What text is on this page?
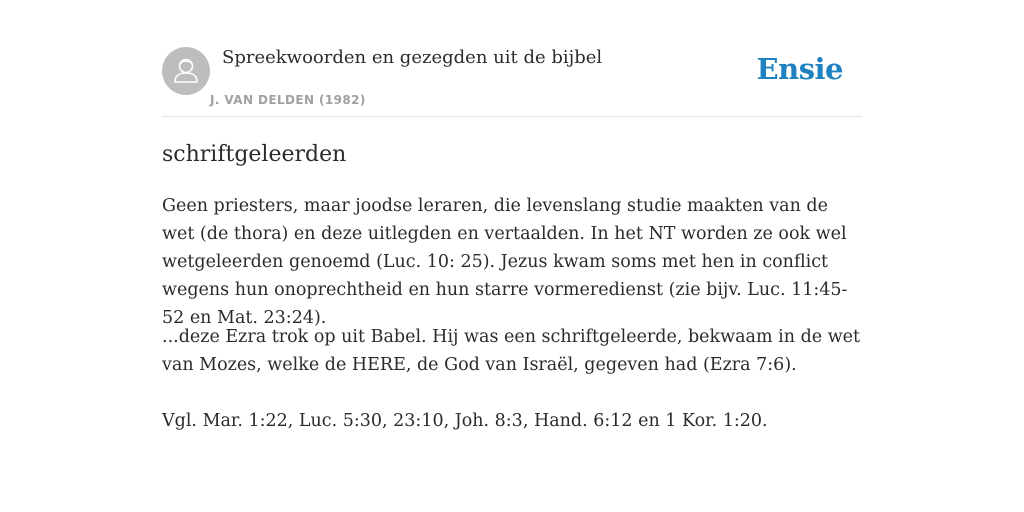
Spreekwoorden en gezegden uit de bijbel
J. VAN DELDEN (1982)
Ensie
schriftgeleerden

Geen priesters, maar joodse leraren, die levenslang studie maakten van de wet (de thora) en deze uitlegden en vertaalden. In het NT worden ze ook wel wetgeleerden genoemd (Luc. 10: 25). Jezus kwam soms met hen in conflict wegens hun onoprechtheid en hun starre vormeredienst (zie bijv. Luc. 11:45-52 en Mat. 23:24).

...deze Ezra trok op uit Babel. Hij was een schriftgeleerde, bekwaam in de wet van Mozes, welke de HERE, de God van Israël, gegeven had (Ezra 7:6).

Vgl. Mar. 1:22, Luc. 5:30, 23:10, Joh. 8:3, Hand. 6:12 en 1 Kor. 1:20.
